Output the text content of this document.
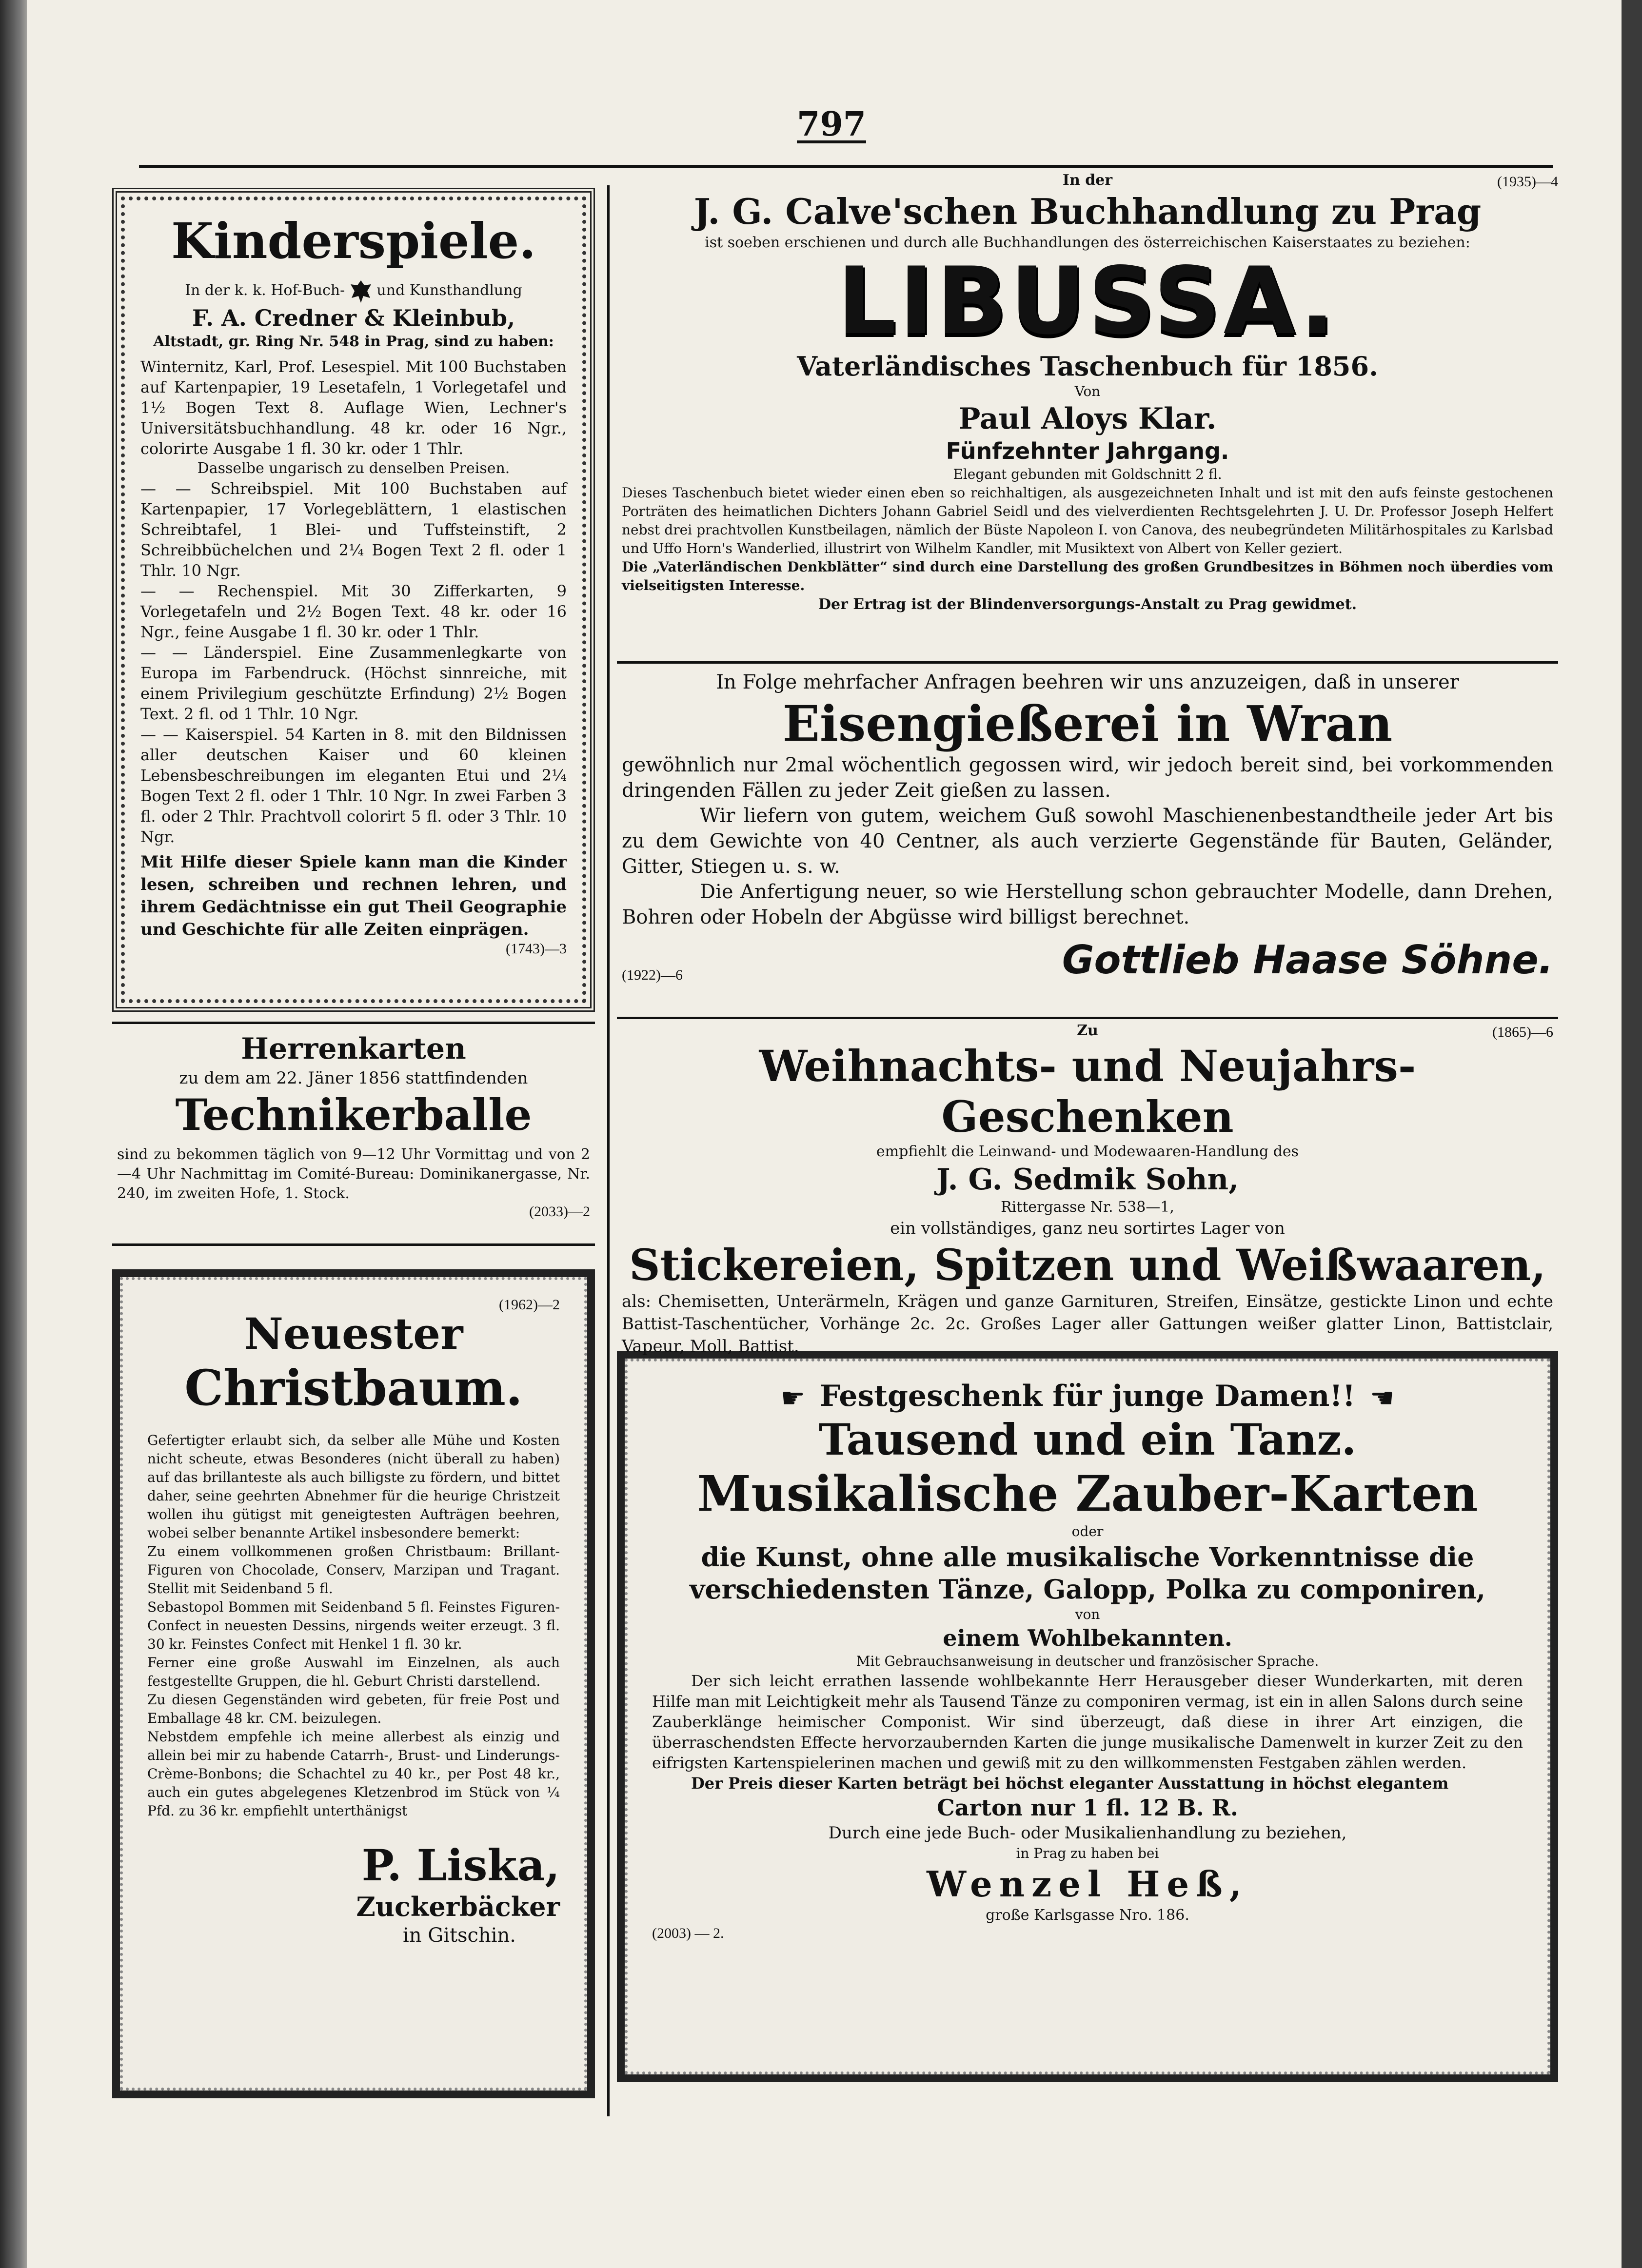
797
Kinderspiele.
In der k. k. Hof-Buch- und Kunsthandlung
F. A. Credner & Kleinbub,
Altstadt, gr. Ring Nr. 548 in Prag, sind zu haben:

Winternitz, Karl, Prof. Lesespiel. Mit 100 Buchstaben auf Kartenpapier, 19 Lesetafeln, 1 Vorlegetafel und 1½ Bogen Text 8. Auflage Wien, Lechner's Universitätsbuchhandlung. 48 kr. oder 16 Ngr., colorirte Ausgabe 1 fl. 30 kr. oder 1 Thlr.

Dasselbe ungarisch zu denselben Preisen.

— — Schreibspiel. Mit 100 Buchstaben auf Kartenpapier, 17 Vorlegeblättern, 1 elastischen Schreibtafel, 1 Blei- und Tuffsteinstift, 2 Schreibbüchelchen und 2¼ Bogen Text 2 fl. oder 1 Thlr. 10 Ngr.

— — Rechenspiel. Mit 30 Zifferkarten, 9 Vorlegetafeln und 2½ Bogen Text. 48 kr. oder 16 Ngr., feine Ausgabe 1 fl. 30 kr. oder 1 Thlr.

— — Länderspiel. Eine Zusammenlegkarte von Europa im Farbendruck. (Höchst sinnreiche, mit einem Privilegium geschützte Erfindung) 2½ Bogen Text. 2 fl. od 1 Thlr. 10 Ngr.

— — Kaiserspiel. 54 Karten in 8. mit den Bildnissen aller deutschen Kaiser und 60 kleinen Lebensbeschreibungen im eleganten Etui und 2¼ Bogen Text 2 fl. oder 1 Thlr. 10 Ngr. In zwei Farben 3 fl. oder 2 Thlr. Prachtvoll colorirt 5 fl. oder 3 Thlr. 10 Ngr.

Mit Hilfe dieser Spiele kann man die Kinder lesen, schreiben und rechnen lehren, und ihrem Gedächtnisse ein gut Theil Geographie und Geschichte für alle Zeiten einprägen.

(1743)—3
Herrenkarten
zu dem am 22. Jäner 1856 stattfindenden
Technikerballe

sind zu bekommen täglich von 9—12 Uhr Vormittag und von 2—4 Uhr Nachmittag im Comité-Bureau: Dominikanergasse, Nr. 240, im zweiten Hofe, 1. Stock.

(2033)—2
(1962)—2
Neuester
Christbaum.

Gefertigter erlaubt sich, da selber alle Mühe und Kosten nicht scheute, etwas Besonderes (nicht überall zu haben) auf das brillanteste als auch billigste zu fördern, und bittet daher, seine geehrten Abnehmer für die heurige Christzeit wollen ihu gütigst mit geneigtesten Aufträgen beehren, wobei selber benannte Artikel insbesondere bemerkt:

Zu einem vollkommenen großen Christbaum: Brillant-Figuren von Chocolade, Conserv, Marzipan und Tragant. Stellit mit Seidenband 5 fl.

Sebastopol Bommen mit Seidenband 5 fl. Feinstes Figuren-Confect in neuesten Dessins, nirgends weiter erzeugt. 3 fl. 30 kr. Feinstes Confect mit Henkel 1 fl. 30 kr.

Ferner eine große Auswahl im Einzelnen, als auch festgestellte Gruppen, die hl. Geburt Christi darstellend.

Zu diesen Gegenständen wird gebeten, für freie Post und Emballage 48 kr. CM. beizulegen.

Nebstdem empfehle ich meine allerbest als einzig und allein bei mir zu habende Catarrh-, Brust- und Linderungs-Crème-Bonbons; die Schachtel zu 40 kr., per Post 48 kr., auch ein gutes abgelegenes Kletzenbrod im Stück von ¼ Pfd. zu 36 kr. empfiehlt unterthänigst

P. Liska,
Zuckerbäcker
in Gitschin.
In der	(1935)—4
J. G. Calve'schen Buchhandlung zu Prag
ist soeben erschienen und durch alle Buchhandlungen des österreichischen Kaiserstaates zu beziehen:
LIBUSSA.
Vaterländisches Taschenbuch für 1856.
Von
Paul Aloys Klar.
Fünfzehnter Jahrgang.
Elegant gebunden mit Goldschnitt 2 fl.

Dieses Taschenbuch bietet wieder einen eben so reichhaltigen, als ausgezeichneten Inhalt und ist mit den aufs feinste gestochenen Porträten des heimatlichen Dichters Johann Gabriel Seidl und des vielverdienten Rechtsgelehrten J. U. Dr. Professor Joseph Helfert nebst drei prachtvollen Kunstbeilagen, nämlich der Büste Napoleon I. von Canova, des neubegründeten Militärhospitales zu Karlsbad und Uffo Horn's Wanderlied, illustrirt von Wilhelm Kandler, mit Musiktext von Albert von Keller geziert.

Die „Vaterländischen Denkblätter“ sind durch eine Darstellung des großen Grundbesitzes in Böhmen noch überdies vom vielseitigsten Interesse.

Der Ertrag ist der Blindenversorgungs-Anstalt zu Prag gewidmet.

In Folge mehrfacher Anfragen beehren wir uns anzuzeigen, daß in unserer

Eisengießerei in Wran

gewöhnlich nur 2mal wöchentlich gegossen wird, wir jedoch bereit sind, bei vorkommenden dringenden Fällen zu jeder Zeit gießen zu lassen.

Wir liefern von gutem, weichem Guß sowohl Maschienenbestandtheile jeder Art bis zu dem Gewichte von 40 Centner, als auch verzierte Gegenstände für Bauten, Geländer, Gitter, Stiegen u. s. w.

Die Anfertigung neuer, so wie Herstellung schon gebrauchter Modelle, dann Drehen, Bohren oder Hobeln der Abgüsse wird billigst berechnet.

(1922)—6	Gottlieb Haase Söhne.
Zu	(1865)—6
Weihnachts- und Neujahrs-Geschenken
empfiehlt die Leinwand- und Modewaaren-Handlung des
J. G. Sedmik Sohn,
Rittergasse Nr. 538—1,
ein vollständiges, ganz neu sortirtes Lager von
Stickereien, Spitzen und Weißwaaren,

als: Chemisetten, Unterärmeln, Krägen und ganze Garnituren, Streifen, Einsätze, gestickte Linon und echte Battist-Taschentücher, Vorhänge 2c. 2c. Großes Lager aller Gattungen weißer glatter Linon, Battistclair, Vapeur, Moll, Battist.

☛ Festgeschenk für junge Damen!! ☚
Tausend und ein Tanz.
Musikalische Zauber-Karten
oder
die Kunst, ohne alle musikalische Vorkenntnisse die verschiedensten Tänze, Galopp, Polka zu componiren,
von
einem Wohlbekannten.
Mit Gebrauchsanweisung in deutscher und französischer Sprache.

Der sich leicht errathen lassende wohlbekannte Herr Herausgeber dieser Wunderkarten, mit deren Hilfe man mit Leichtigkeit mehr als Tausend Tänze zu componiren vermag, ist ein in allen Salons durch seine Zauberklänge heimischer Componist. Wir sind überzeugt, daß diese in ihrer Art einzigen, die überraschendsten Effecte hervorzaubernden Karten die junge musikalische Damenwelt in kurzer Zeit zu den eifrigsten Kartenspielerinen machen und gewiß mit zu den willkommensten Festgaben zählen werden.

Der Preis dieser Karten beträgt bei höchst eleganter Ausstattung in höchst elegantem

Carton nur 1 fl. 12 B. R.
Durch eine jede Buch- oder Musikalienhandlung zu beziehen,
in Prag zu haben bei
Wenzel Heß,
große Karlsgasse Nro. 186.
(2003) — 2.
